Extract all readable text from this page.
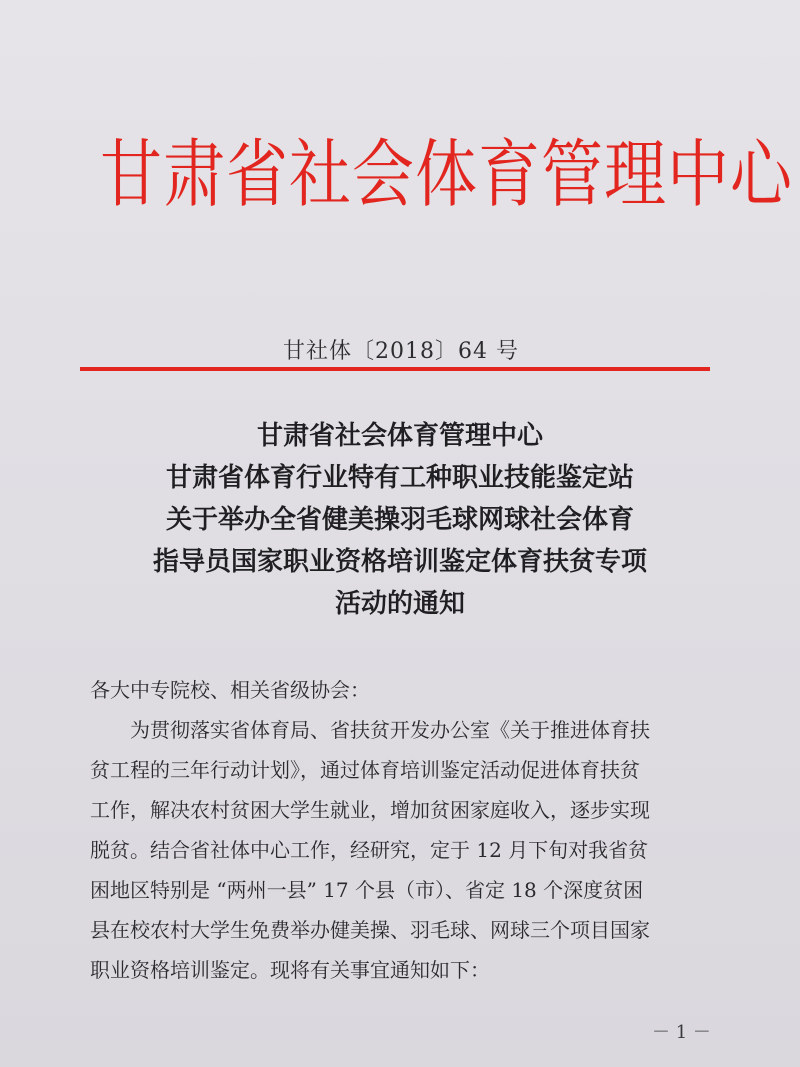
甘肃省社会体育管理中心
甘社体〔2018〕64 号
甘肃省社会体育管理中心
甘肃省体育行业特有工种职业技能鉴定站
关于举办全省健美操羽毛球网球社会体育
指导员国家职业资格培训鉴定体育扶贫专项
活动的通知
各大中专院校、相关省级协会：
为贯彻落实省体育局、省扶贫开发办公室《关于推进体育扶
贫工程的三年行动计划》，通过体育培训鉴定活动促进体育扶贫
工作，解决农村贫困大学生就业，增加贫困家庭收入，逐步实现
脱贫。结合省社体中心工作，经研究，定于 12 月下旬对我省贫
困地区特别是 “两州一县” 17 个县（市）、省定 18 个深度贫困
县在校农村大学生免费举办健美操、羽毛球、网球三个项目国家
职业资格培训鉴定。现将有关事宜通知如下：
－ 1 －
